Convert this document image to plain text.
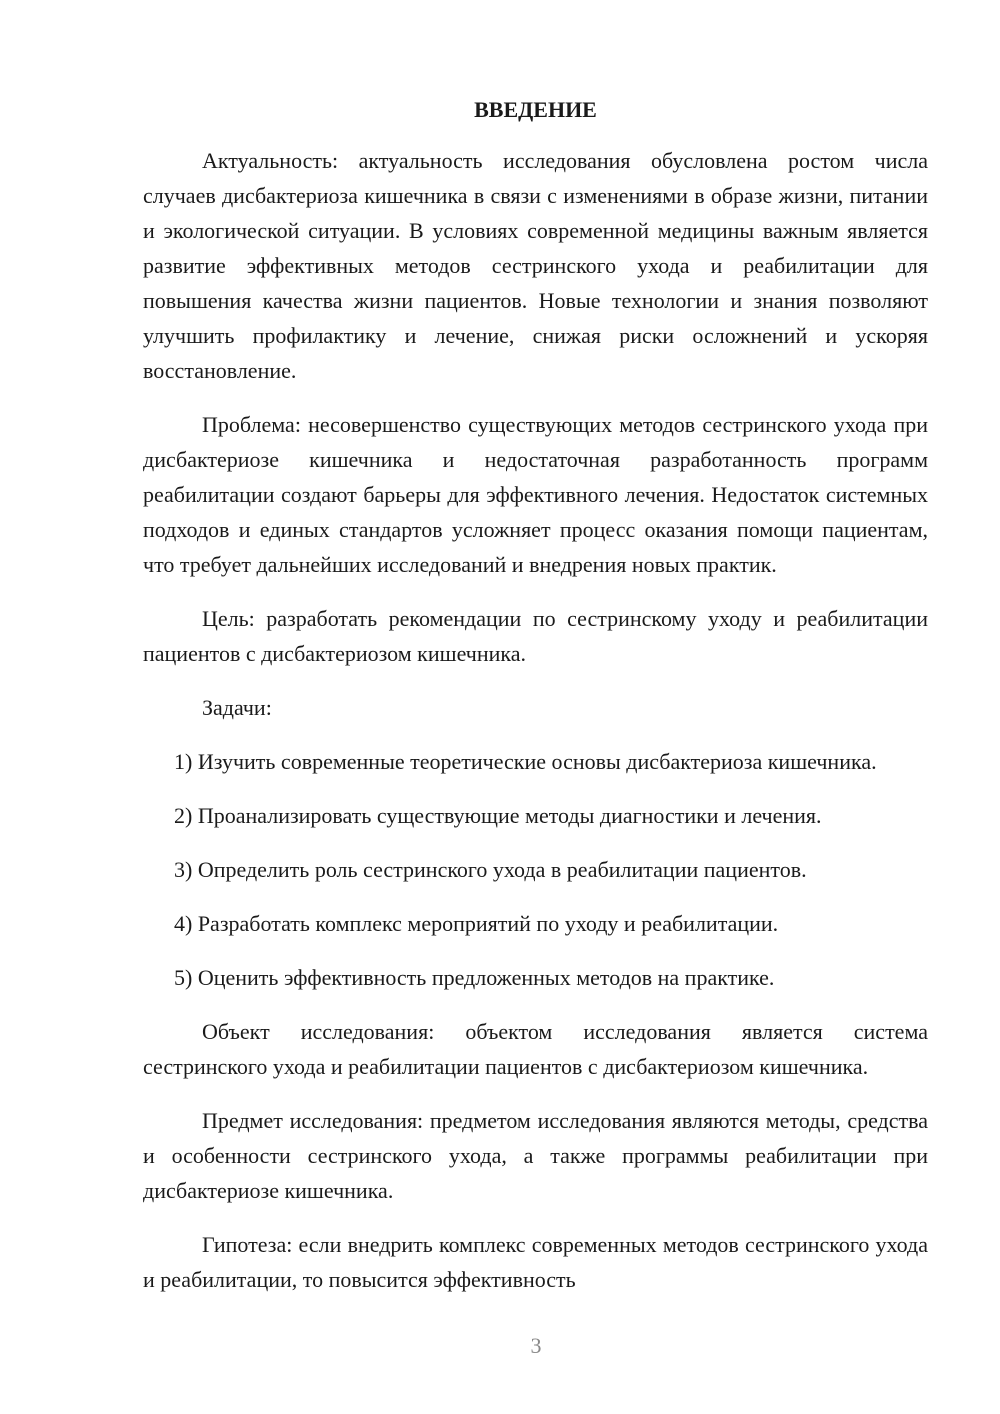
ВВЕДЕНИЕ

Актуальность: актуальность исследования обусловлена ростом числа случаев дисбактериоза кишечника в связи с изменениями в образе жизни, питании и экологической ситуации. В условиях современной медицины важным является развитие эффективных методов сестринского ухода и реабилитации для повышения качества жизни пациентов. Новые технологии и знания позволяют улучшить профилактику и лечение, снижая риски осложнений и ускоряя восстановление.

Проблема: несовершенство существующих методов сестринского ухода при дисбактериозе кишечника и недостаточная разработанность программ реабилитации создают барьеры для эффективного лечения. Недостаток системных подходов и единых стандартов усложняет процесс оказания помощи пациентам, что требует дальнейших исследований и внедрения новых практик.

Цель: разработать рекомендации по сестринскому уходу и реабилитации пациентов с дисбактериозом кишечника.

Задачи:

1) Изучить современные теоретические основы дисбактериоза кишечника.

2) Проанализировать существующие методы диагностики и лечения.

3) Определить роль сестринского ухода в реабилитации пациентов.

4) Разработать комплекс мероприятий по уходу и реабилитации.

5) Оценить эффективность предложенных методов на практике.

Объект исследования: объектом исследования является система сестринского ухода и реабилитации пациентов с дисбактериозом кишечника.

Предмет исследования: предметом исследования являются методы, средства и особенности сестринского ухода, а также программы реабилитации при дисбактериозе кишечника.

Гипотеза: если внедрить комплекс современных методов сестринского ухода и реабилитации, то повысится эффективность

3
